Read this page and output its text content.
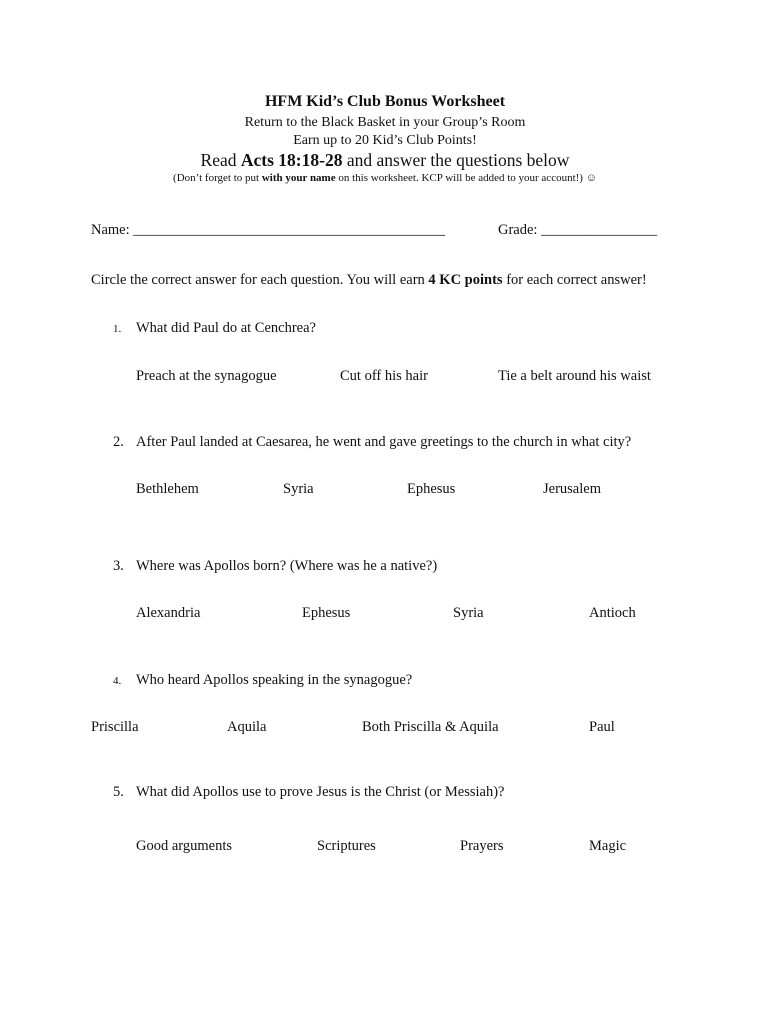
HFM Kid’s Club Bonus Worksheet
Return to the Black Basket in your Group’s Room
Earn up to 20 Kid’s Club Points!
Read Acts 18:18-28 and answer the questions below
(Don’t forget to put with your name on this worksheet. KCP will be added to your account!) ☺
Name: ___________________________________________	Grade: ________________
Circle the correct answer for each question. You will earn 4 KC points for each correct answer!
1. What did Paul do at Cenchrea?
Preach at the synagogue	Cut off his hair	Tie a belt around his waist
2. After Paul landed at Caesarea, he went and gave greetings to the church in what city?
Bethlehem	Syria	Ephesus	Jerusalem
3. Where was Apollos born? (Where was he a native?)
Alexandria	Ephesus	Syria	Antioch
4. Who heard Apollos speaking in the synagogue?
Priscilla	Aquila	Both Priscilla & Aquila	Paul
5. What did Apollos use to prove Jesus is the Christ (or Messiah)?
Good arguments	Scriptures	Prayers	Magic
